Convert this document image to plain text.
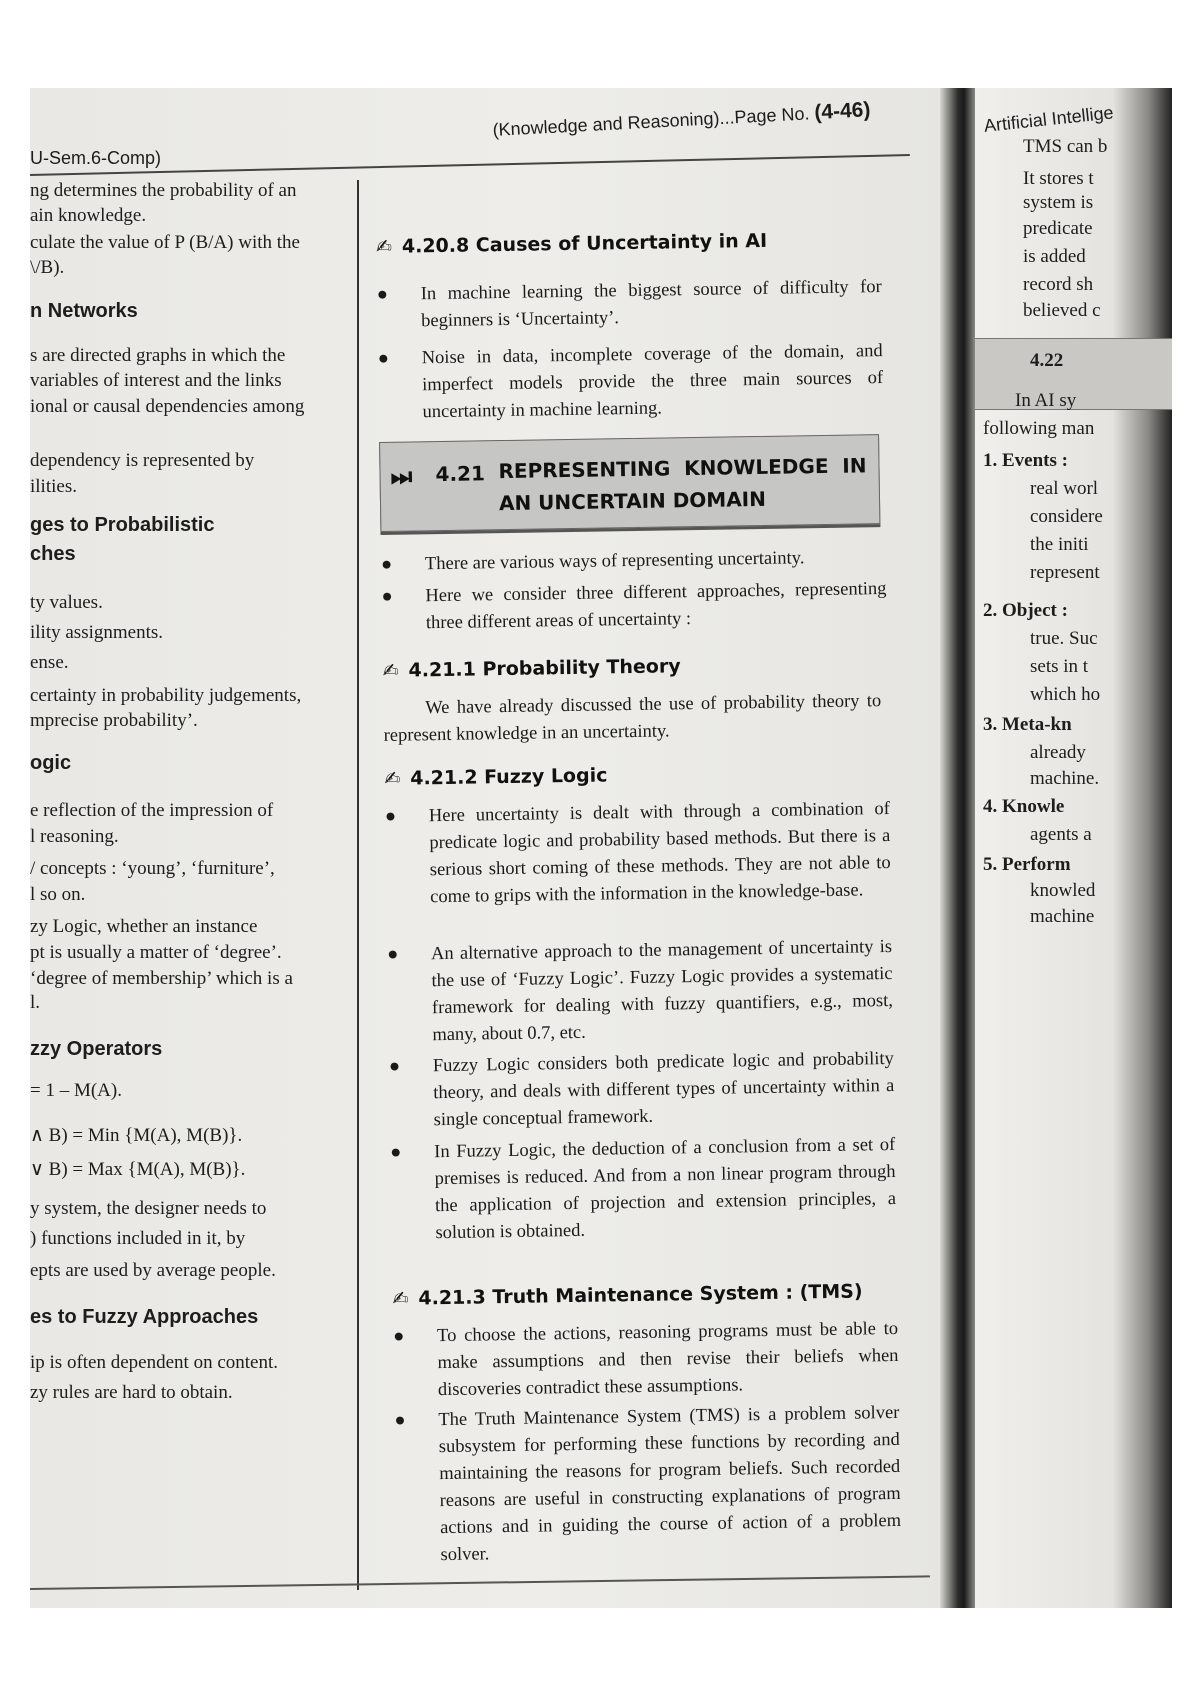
U-Sem.6-Comp)
(Knowledge and Reasoning)...Page No. (4-46)
ng determines the probability of an
ain knowledge.
culate the value of P (B/A) with the
\/B).
n Networks
s are directed graphs in which the
variables of interest and the links
ional or causal dependencies among
dependency is represented by
ilities.
ges to Probabilistic
ches
ty values.
ility assignments.
ense.
certainty in probability judgements,
mprecise probability’.
ogic
e reflection of the impression of
l reasoning.
/ concepts : ‘young’, ‘furniture’,
l so on.
zy Logic, whether an instance
pt is usually a matter of ‘degree’.
‘degree of membership’ which is a
l.
zzy Operators
= 1 – M(A).
∧ B) = Min {M(A), M(B)}.
∨ B) = Max {M(A), M(B)}.
y system, the designer needs to
) functions included in it, by
epts are used by average people.
es to Fuzzy Approaches
ip is often dependent on content.
zy rules are hard to obtain.
✍ 4.20.8 Causes of Uncertainty in AI
● In machine learning the biggest source of difficulty for beginners is ‘Uncertainty’.
● Noise in data, incomplete coverage of the domain, and imperfect models provide the three main sources of uncertainty in machine learning.
⏭ 4.21 REPRESENTING KNOWLEDGE IN
AN UNCERTAIN DOMAIN
● There are various ways of representing uncertainty.
● Here we consider three different approaches, representing three different areas of uncertainty :
✍ 4.21.1 Probability Theory
We have already discussed the use of probability theory to represent knowledge in an uncertainty.
✍ 4.21.2 Fuzzy Logic
● Here uncertainty is dealt with through a combination of predicate logic and probability based methods. But there is a serious short coming of these methods. They are not able to come to grips with the information in the knowledge-base.
● An alternative approach to the management of uncertainty is the use of ‘Fuzzy Logic’. Fuzzy Logic provides a systematic framework for dealing with fuzzy quantifiers, e.g., most, many, about 0.7, etc.
● Fuzzy Logic considers both predicate logic and probability theory, and deals with different types of uncertainty within a single conceptual framework.
● In Fuzzy Logic, the deduction of a conclusion from a set of premises is reduced. And from a non linear program through the application of projection and extension principles, a solution is obtained.
✍ 4.21.3 Truth Maintenance System : (TMS)
● To choose the actions, reasoning programs must be able to make assumptions and then revise their beliefs when discoveries contradict these assumptions.
● The Truth Maintenance System (TMS) is a problem solver subsystem for performing these functions by recording and maintaining the reasons for program beliefs. Such recorded reasons are useful in constructing explanations of program actions and in guiding the course of action of a problem solver.
Artificial Intellige
TMS can b
It stores t
system is
predicate
is added
record sh
believed c
4.22
In AI sy
following man
1. Events :
real worl
considere
the initi
represent
2. Object :
true. Suc
sets in t
which ho
3. Meta-kn
already
machine.
4. Knowle
agents a
5. Perform
knowled
machine
